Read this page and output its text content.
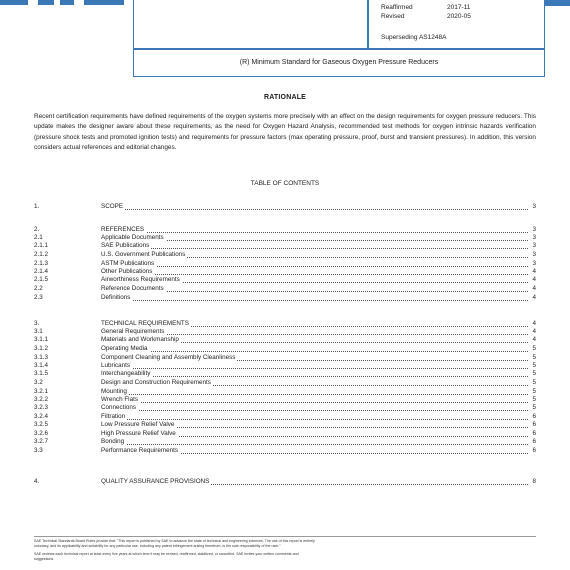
Reaffirmed	2017-11
Revised	2020-05
Superseding AS1248A
(R) Minimum Standard for Gaseous Oxygen Pressure Reducers
RATIONALE
Recent certification requirements have defined requirements of the oxygen systems more precisely with an effect on the design requirements for oxygen pressure reducers. This update makes the designer aware about these requirements, as the need for Oxygen Hazard Analysis, recommended test methods for oxygen intrinsic hazards verification (pressure shock tests and promoted ignition tests) and requirements for pressure factors (max operating pressure, proof, burst and transient pressures). In addition, this version considers actual references and editorial changes.
TABLE OF CONTENTS
1.	SCOPE	3
2.	REFERENCES	3
2.1	Applicable Documents	3
2.1.1	SAE Publications	3
2.1.2	U.S. Government Publications	3
2.1.3	ASTM Publications	3
2.1.4	Other Publications	4
2.1.5	Airworthiness Requirements	4
2.2	Reference Documents	4
2.3	Definitions	4
3.	TECHNICAL REQUIREMENTS	4
3.1	General Requirements	4
3.1.1	Materials and Workmanship	4
3.1.2	Operating Media	5
3.1.3	Component Cleaning and Assembly Cleanliness	5
3.1.4	Lubricants	5
3.1.5	Interchangeability	5
3.2	Design and Construction Requirements	5
3.2.1	Mounting	5
3.2.2	Wrench Flats	5
3.2.3	Connections	5
3.2.4	Filtration	6
3.2.5	Low Pressure Relief Valve	6
3.2.6	High Pressure Relief Valve	6
3.2.7	Bonding	6
3.3	Performance Requirements	6
4.	QUALITY ASSURANCE PROVISIONS	8
SAE Technical Standards Board Rules provide that: "This report is published by SAE to advance the state of technical and engineering sciences. The use of this report is entirely
voluntary, and its applicability and suitability for any particular use, including any patent infringement arising therefrom, is the sole responsibility of the user."
SAE reviews each technical report at least every five years at which time it may be revised, reaffirmed, stabilized, or cancelled. SAE invites your written comments and
suggestions.
